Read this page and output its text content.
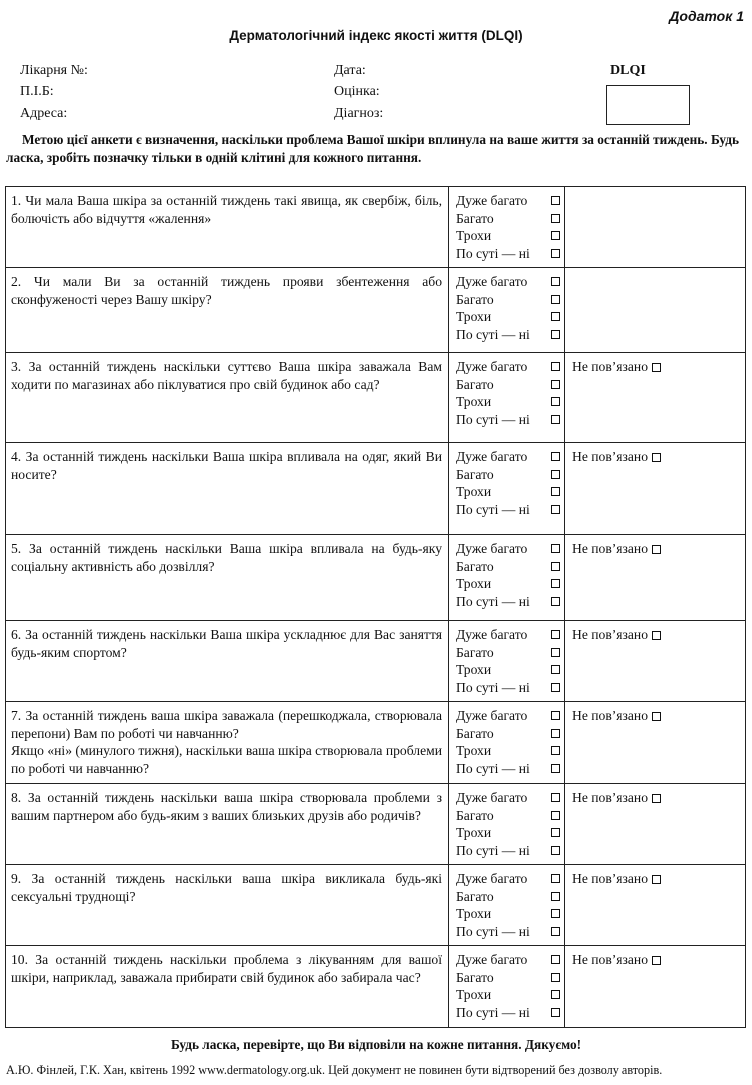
Додаток 1
Дерматологічний індекс якості життя (DLQI)
Лікарня №:
П.І.Б:
Адреса:
Дата:
Оцінка:
Діагноз:
DLQI
Метою цієї анкети є визначення, наскільки проблема Вашої шкіри вплинула на ваше життя за останній тиждень. Будь ласка, зробіть позначку тільки в одній клітині для кожного питання.

1. Чи мала Ваша шкіра за останній тиждень такі явища, як свербіж, біль, болючість або відчуття «жалення»

Дуже багато
Багато
Трохи
По суті — ні

2. Чи мали Ви за останній тиждень прояви збентеження або сконфуженості через Вашу шкіру?

Дуже багато
Багато
Трохи
По суті — ні

3. За останній тиждень наскільки суттєво Ваша шкіра заважала Вам ходити по магазинах або піклуватися про свій будинок або сад?

Дуже багато
Багато
Трохи
По суті — ні
Не пов’язано

4. За останній тиждень наскільки Ваша шкіра впливала на одяг, який Ви носите?

Дуже багато
Багато
Трохи
По суті — ні
Не пов’язано

5. За останній тиждень наскільки Ваша шкіра впливала на будь-яку соціальну активність або дозвілля?

Дуже багато
Багато
Трохи
По суті — ні
Не пов’язано

6. За останній тиждень наскільки Ваша шкіра ускладнює для Вас заняття будь-яким спортом?

Дуже багато
Багато
Трохи
По суті — ні
Не пов’язано

7. За останній тиждень ваша шкіра заважала (перешкоджала, створювала перепони) Вам по роботі чи навчанню?

Якщо «ні» (минулого тижня), наскільки ваша шкіра створювала проблеми по роботі чи навчанню?

Дуже багато
Багато
Трохи
По суті — ні
Не пов’язано

8. За останній тиждень наскільки ваша шкіра створювала проблеми з вашим партнером або будь-яким з ваших близьких друзів або родичів?

Дуже багато
Багато
Трохи
По суті — ні
Не пов’язано

9. За останній тиждень наскільки ваша шкіра викликала будь-які сексуальні труднощі?

Дуже багато
Багато
Трохи
По суті — ні
Не пов’язано

10. За останній тиждень наскільки проблема з лікуванням для вашої шкіри, наприклад, заважала прибирати свій будинок або забирала час?

Дуже багато
Багато
Трохи
По суті — ні
Не пов’язано
Будь ласка, перевірте, що Ви відповіли на кожне питання. Дякуємо!
А.Ю. Фінлей, Г.К. Хан, квітень 1992 www.dermatology.org.uk. Цей документ не повинен бути відтворений без дозволу авторів.
